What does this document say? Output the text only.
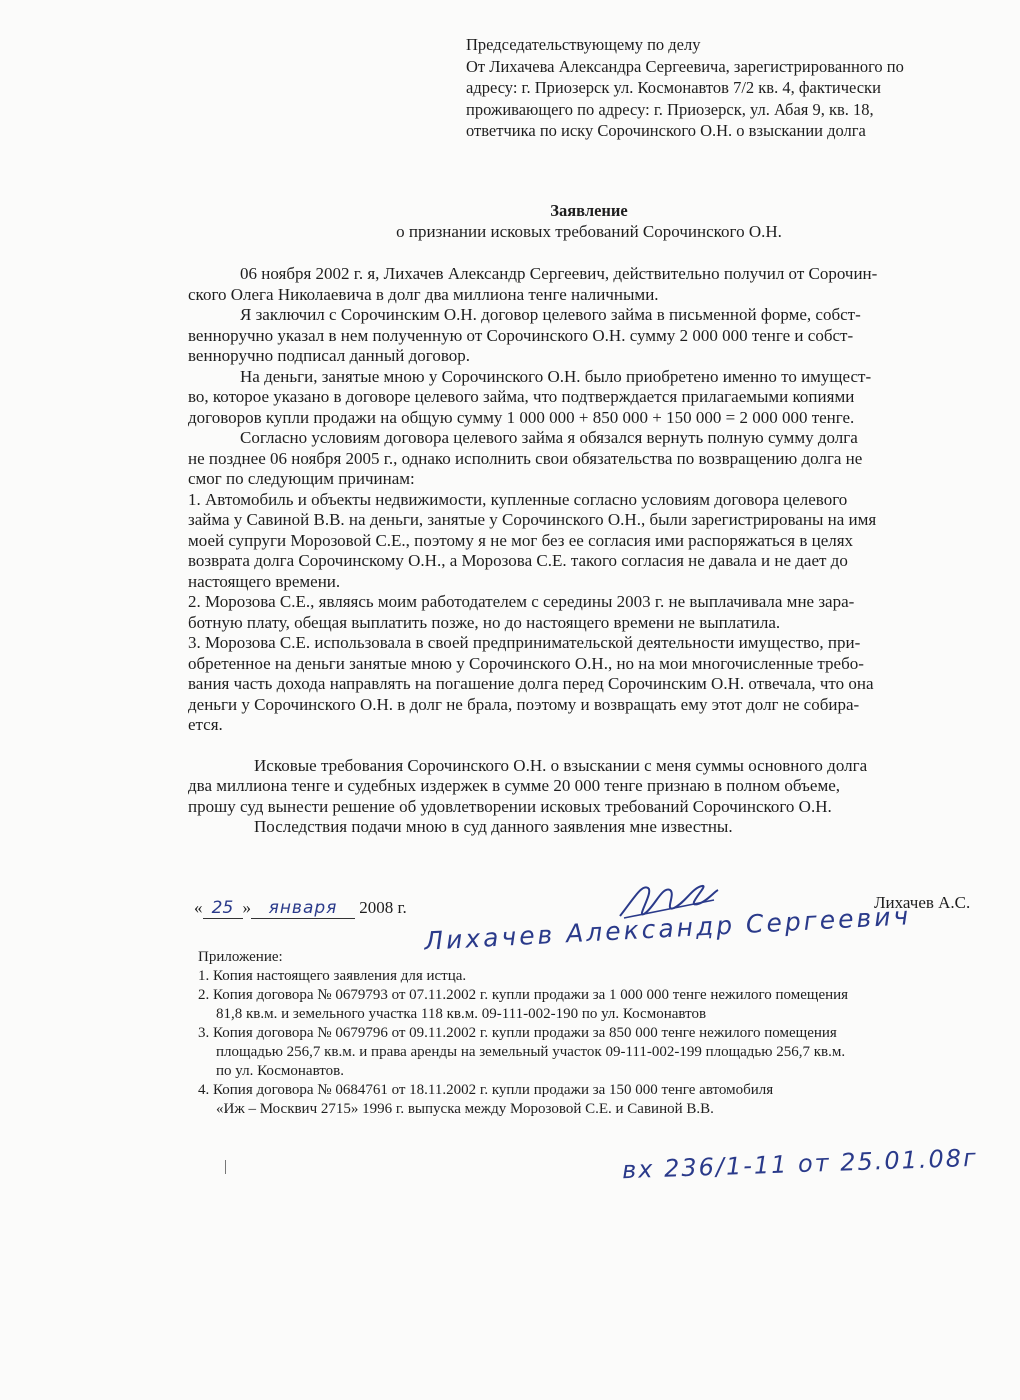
Председательствующему по делу
От Лихачева Александра Сергеевича, зарегистрированного по
адресу: г. Приозерск ул. Космонавтов 7/2 кв. 4, фактически
проживающего по адресу: г. Приозерск, ул. Абая 9, кв. 18,
ответчика по иску Сорочинского О.Н. о взыскании долга
Заявление
о признании исковых требований Сорочинского О.Н.
06 ноября 2002 г. я, Лихачев Александр Сергеевич, действительно получил от Сорочин-
ского Олега Николаевича в долг два миллиона тенге наличными.
Я заключил с Сорочинским О.Н. договор целевого займа в письменной форме, собст-
венноручно указал в нем полученную от Сорочинского О.Н. сумму 2 000 000 тенге и собст-
венноручно подписал данный договор.
На деньги, занятые мною у Сорочинского О.Н. было приобретено именно то имущест-
во, которое указано в договоре целевого займа, что подтверждается прилагаемыми копиями
договоров купли продажи на общую сумму 1 000 000 + 850 000 + 150 000 = 2 000 000 тенге.
Согласно условиям договора целевого займа я обязался вернуть полную сумму долга
не позднее 06 ноября 2005 г., однако исполнить свои обязательства по возвращению долга не
смог по следующим причинам:
1. Автомобиль и объекты недвижимости, купленные согласно условиям договора целевого
займа у Савиной В.В. на деньги, занятые у Сорочинского О.Н., были зарегистрированы на имя
моей супруги Морозовой С.Е., поэтому я не мог без ее согласия ими распоряжаться в целях
возврата долга Сорочинскому О.Н., а Морозова С.Е. такого согласия не давала и не дает до
настоящего времени.
2. Морозова С.Е., являясь моим работодателем с середины 2003 г. не выплачивала мне зара-
ботную плату, обещая выплатить позже, но до настоящего времени не выплатила.
3. Морозова С.Е. использовала в своей предпринимательской деятельности имущество, при-
обретенное на деньги занятые мною у Сорочинского О.Н., но на мои многочисленные требо-
вания часть дохода направлять на погашение долга перед Сорочинским О.Н. отвечала, что она
деньги у Сорочинского О.Н. в долг не брала, поэтому и возвращать ему этот долг не собира-
ется.
Исковые требования Сорочинского О.Н. о взыскании с меня суммы основного долга
два миллиона тенге и судебных издержек в сумме 20 000 тенге признаю в полном объеме,
прошу суд вынести решение об удовлетворении исковых требований Сорочинского О.Н.
Последствия подачи мною в суд данного заявления мне известны.
« 25 » января 2008 г.	Лихачев А.С.
Лихачев Александр Сергеевич
Приложение:
1. Копия настоящего заявления для истца.
2. Копия договора № 0679793 от 07.11.2002 г. купли продажи за 1 000 000 тенге нежилого помещения
81,8 кв.м. и земельного участка 118 кв.м. 09-111-002-190 по ул. Космонавтов
3. Копия договора № 0679796 от 09.11.2002 г. купли продажи за 850 000 тенге нежилого помещения
площадью 256,7 кв.м. и права аренды на земельный участок 09-111-002-199 площадью 256,7 кв.м.
по ул. Космонавтов.
4. Копия договора № 0684761 от 18.11.2002 г. купли продажи за 150 000 тенге автомобиля
«Иж – Москвич 2715» 1996 г. выпуска между Морозовой С.Е. и Савиной В.В.
вх 236/1-11 от 25.01.08г
